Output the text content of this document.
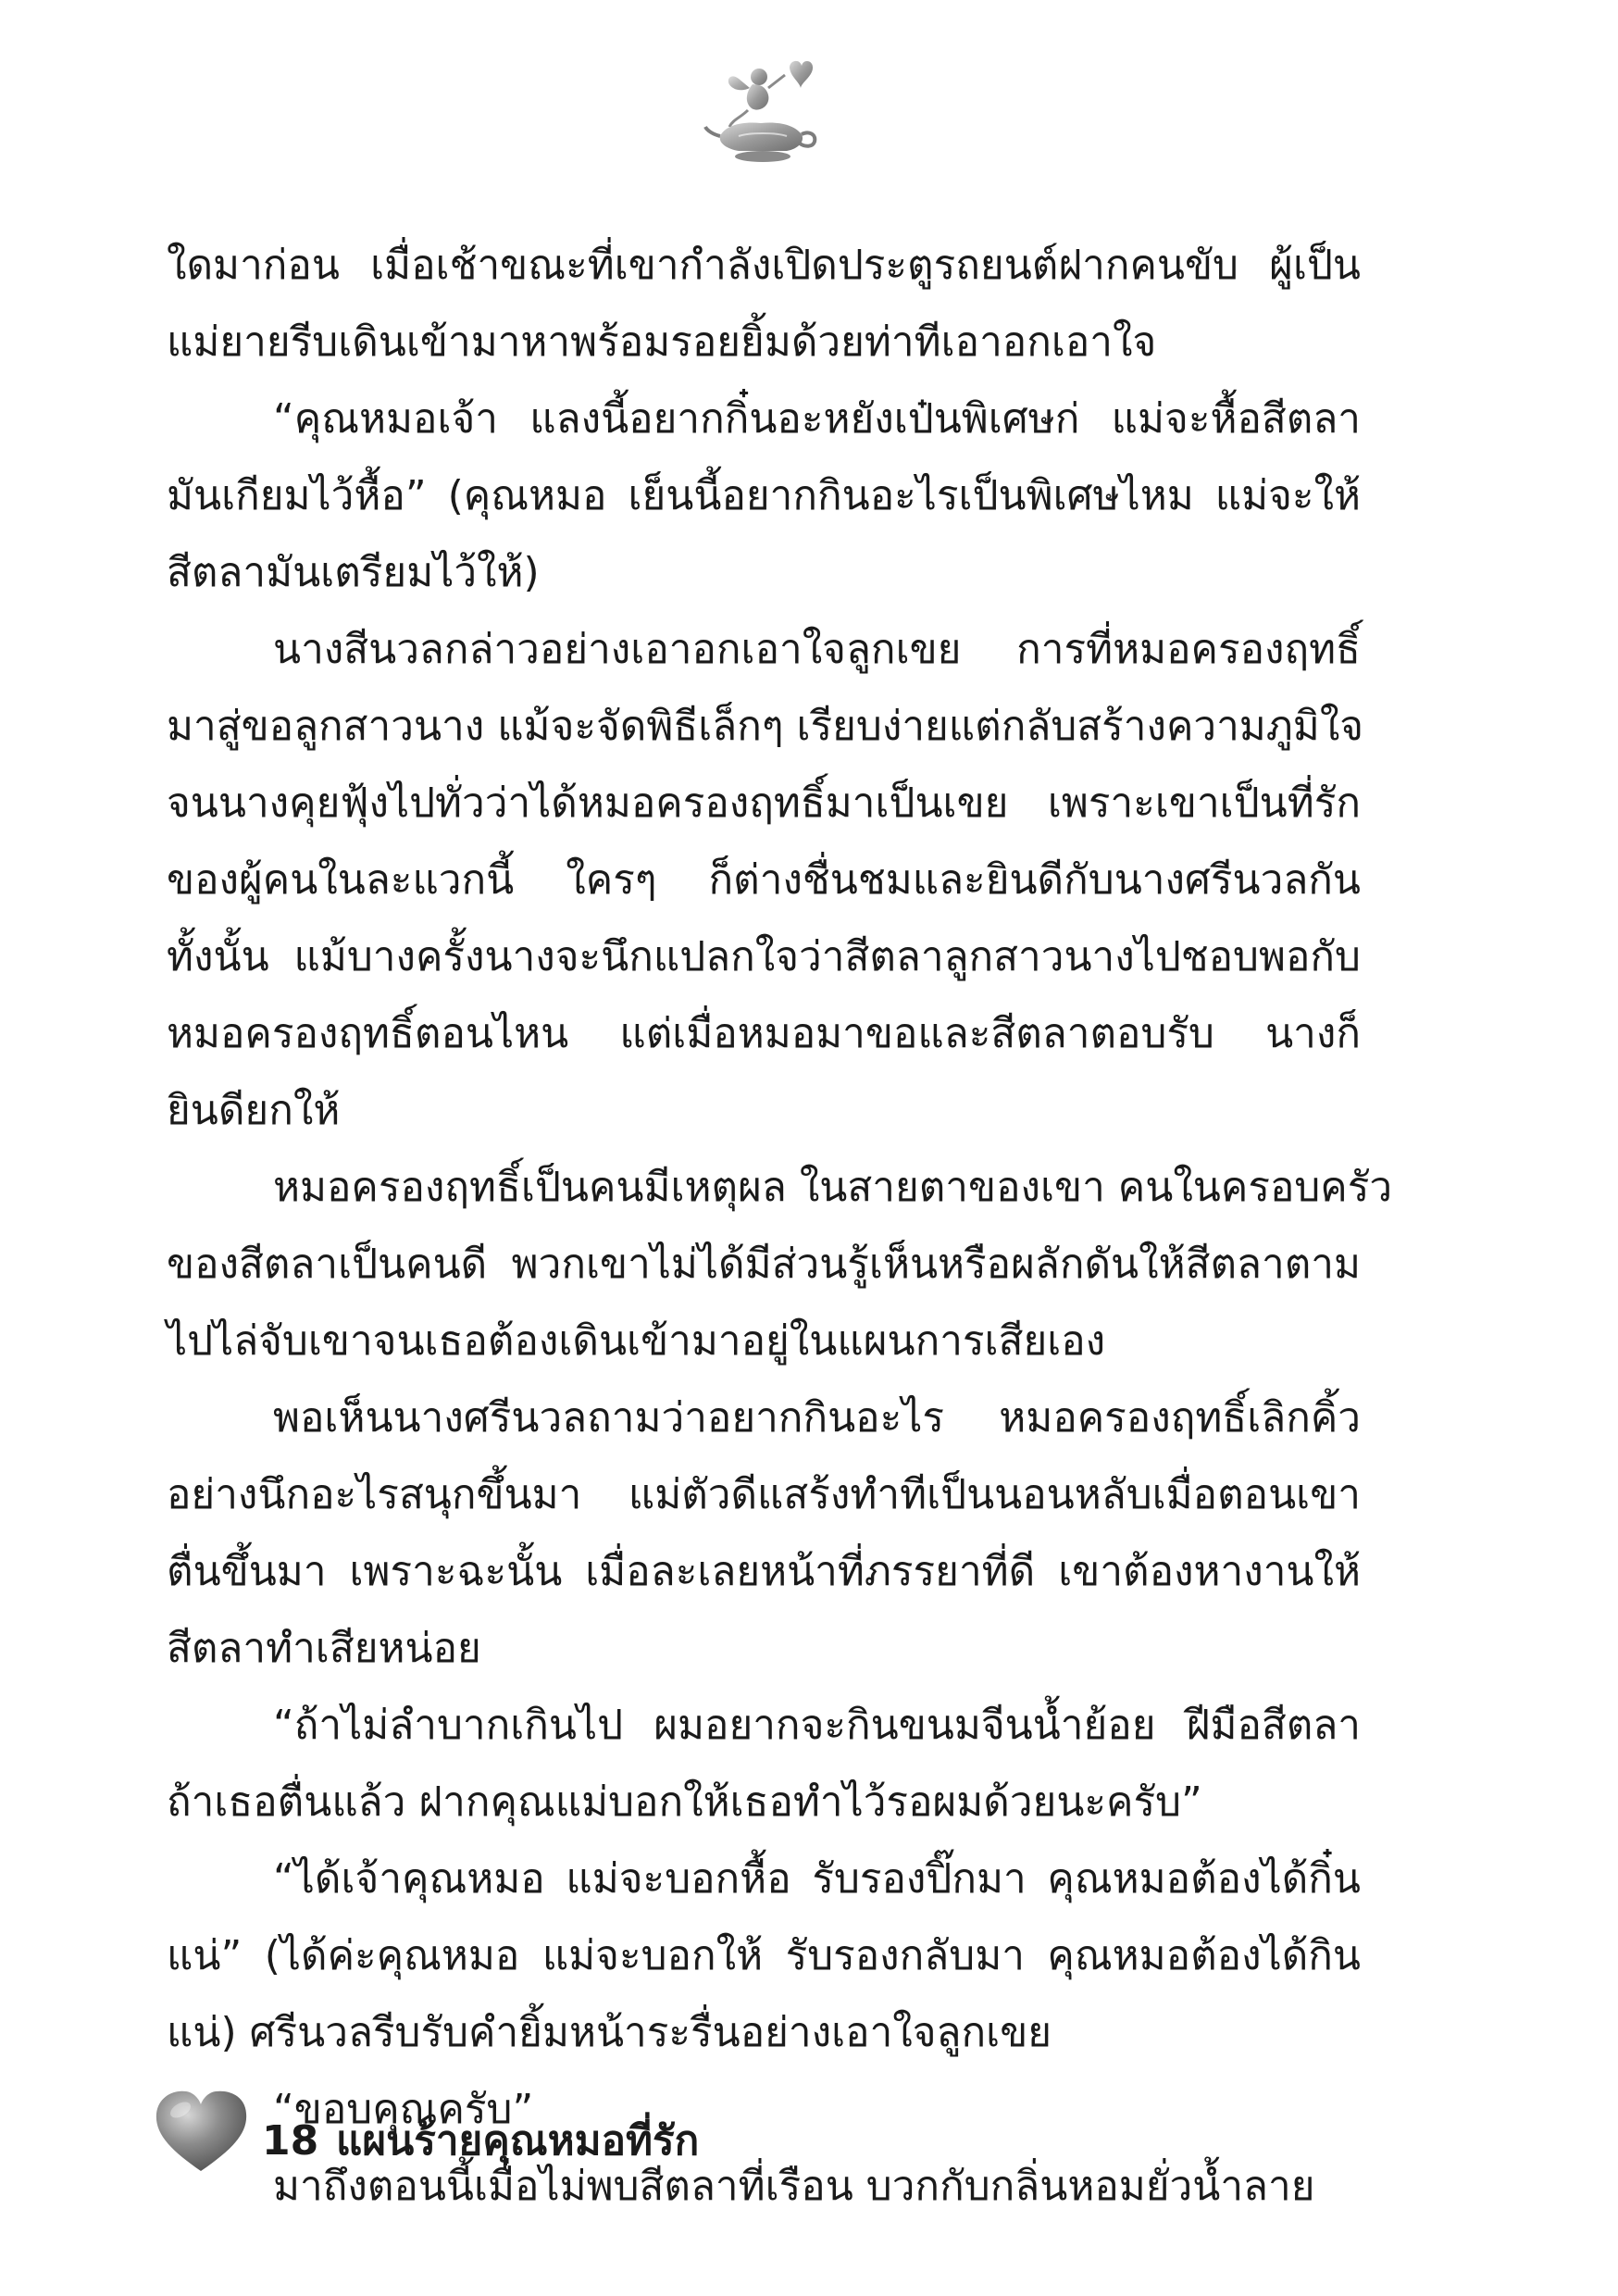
ใดมาก่อน เมื่อเช้าขณะที่เขากำลังเปิดประตูรถยนต์ฝากคนขับ ผู้เป็น
แม่ยายรีบเดินเข้ามาหาพร้อมรอยยิ้มด้วยท่าทีเอาอกเอาใจ
“คุณหมอเจ้า แลงนี้อยากกิ๋นอะหยังเป๋นพิเศษก่ แม่จะหื้อสีตลา
มันเกียมไว้หื้อ” (คุณหมอ เย็นนี้อยากกินอะไรเป็นพิเศษไหม แม่จะให้
สีตลามันเตรียมไว้ให้)
นางสีนวลกล่าวอย่างเอาอกเอาใจลูกเขย การที่หมอครองฤทธิ์
มาสู่ขอลูกสาวนาง แม้จะจัดพิธีเล็กๆ เรียบง่ายแต่กลับสร้างความภูมิใจ
จนนางคุยฟุ้งไปทั่วว่าได้หมอครองฤทธิ์มาเป็นเขย เพราะเขาเป็นที่รัก
ของผู้คนในละแวกนี้ ใครๆ ก็ต่างชื่นชมและยินดีกับนางศรีนวลกัน
ทั้งนั้น แม้บางครั้งนางจะนึกแปลกใจว่าสีตลาลูกสาวนางไปชอบพอกับ
หมอครองฤทธิ์ตอนไหน แต่เมื่อหมอมาขอและสีตลาตอบรับ นางก็
ยินดียกให้
หมอครองฤทธิ์เป็นคนมีเหตุผล ในสายตาของเขา คนในครอบครัว
ของสีตลาเป็นคนดี พวกเขาไม่ได้มีส่วนรู้เห็นหรือผลักดันให้สีตลาตาม
ไปไล่จับเขาจนเธอต้องเดินเข้ามาอยู่ในแผนการเสียเอง
พอเห็นนางศรีนวลถามว่าอยากกินอะไร หมอครองฤทธิ์เลิกคิ้ว
อย่างนึกอะไรสนุกขึ้นมา แม่ตัวดีแสร้งทำทีเป็นนอนหลับเมื่อตอนเขา
ตื่นขึ้นมา เพราะฉะนั้น เมื่อละเลยหน้าที่ภรรยาที่ดี เขาต้องหางานให้
สีตลาทำเสียหน่อย
“ถ้าไม่ลำบากเกินไป ผมอยากจะกินขนมจีนน้ำย้อย ฝีมือสีตลา
ถ้าเธอตื่นแล้ว ฝากคุณแม่บอกให้เธอทำไว้รอผมด้วยนะครับ”
“ได้เจ้าคุณหมอ แม่จะบอกหื้อ รับรองปิ๊กมา คุณหมอต้องได้กิ๋น
แน่” (ได้ค่ะคุณหมอ แม่จะบอกให้ รับรองกลับมา คุณหมอต้องได้กิน
แน่) ศรีนวลรีบรับคำยิ้มหน้าระรื่นอย่างเอาใจลูกเขย
“ขอบคุณครับ”
มาถึงตอนนี้เมื่อไม่พบสีตลาที่เรือน บวกกับกลิ่นหอมยั่วน้ำลาย
18 แผนร้ายคุณหมอที่รัก
